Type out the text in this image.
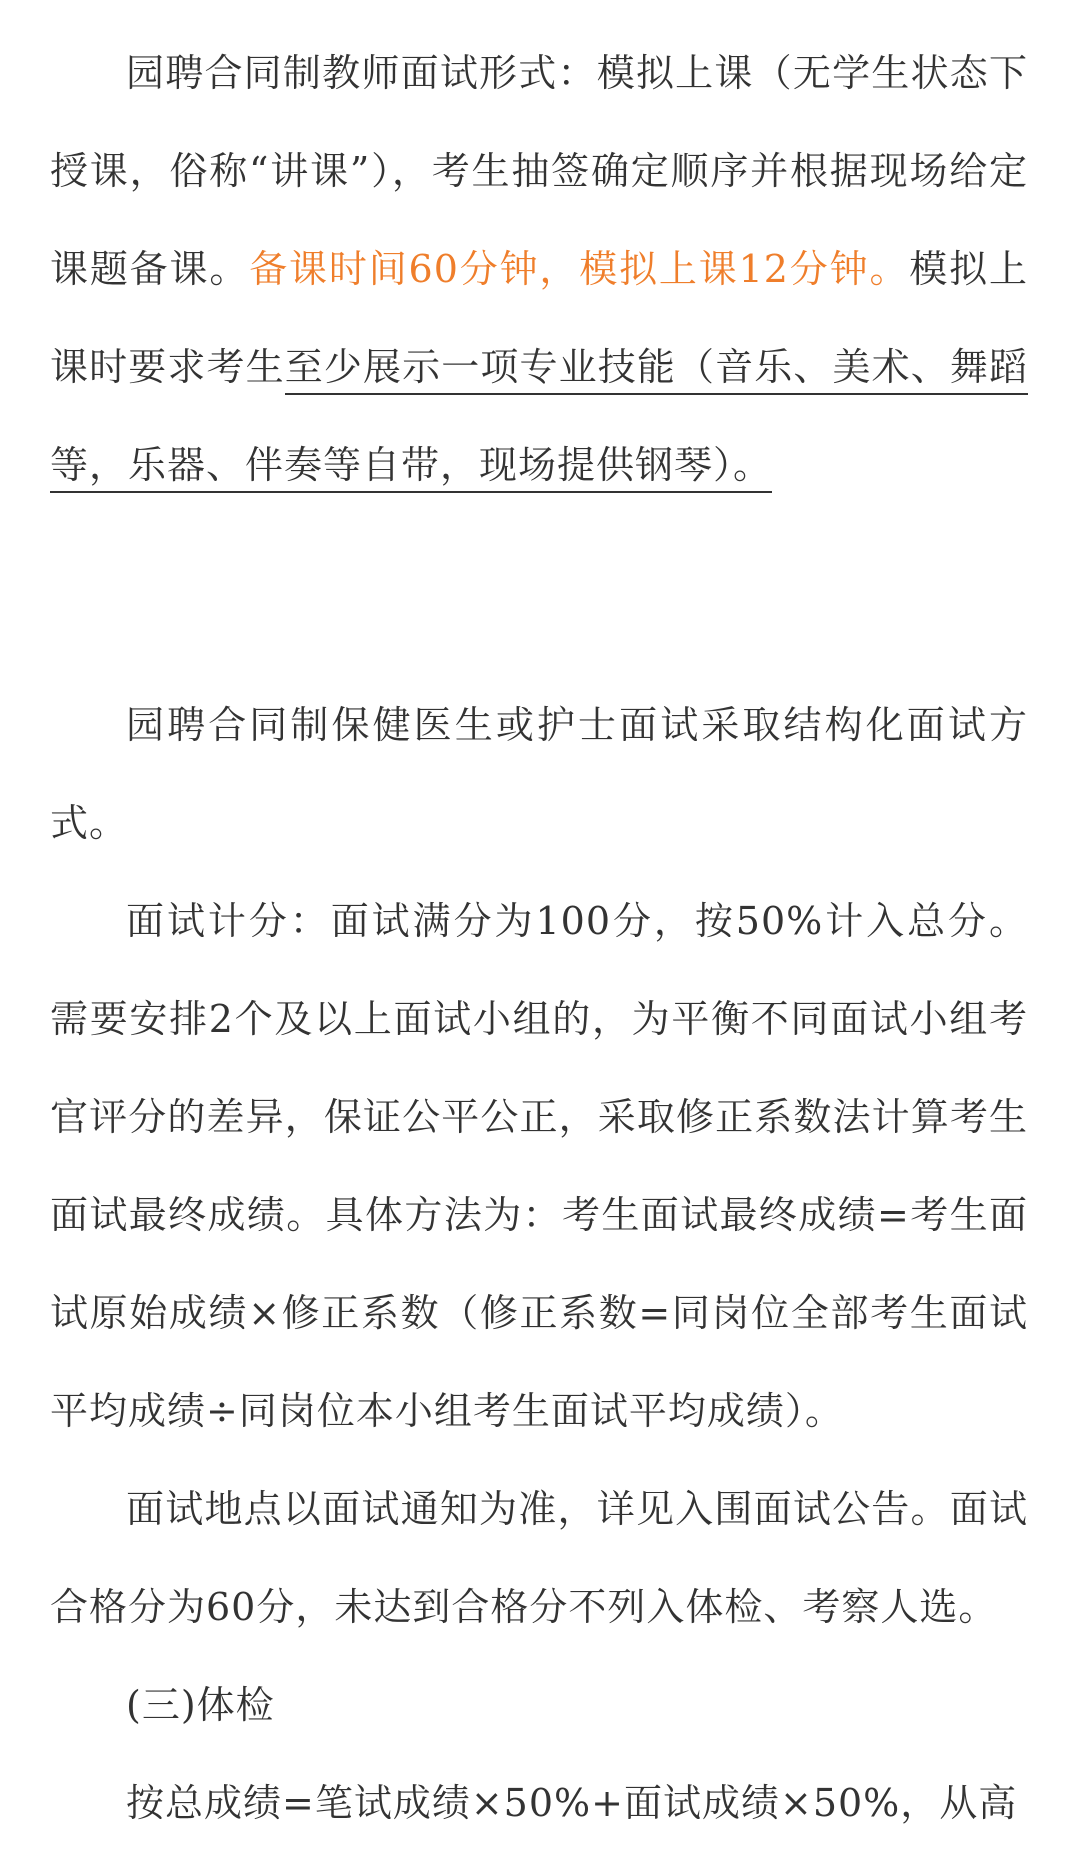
园聘合同制教师面试形式：模拟上课（无学生状态下授课，俗称“讲课”），考生抽签确定顺序并根据现场给定课题备课。备课时间60分钟，模拟上课12分钟。模拟上课时要求考生至少展示一项专业技能（音乐、美术、舞蹈等，乐器、伴奏等自带，现场提供钢琴）。

园聘合同制保健医生或护士面试采取结构化面试方式。

面试计分：面试满分为100分，按50%计入总分。需要安排2个及以上面试小组的，为平衡不同面试小组考官评分的差异，保证公平公正，采取修正系数法计算考生面试最终成绩。具体方法为：考生面试最终成绩=考生面试原始成绩×修正系数（修正系数=同岗位全部考生面试平均成绩÷同岗位本小组考生面试平均成绩）。

面试地点以面试通知为准，详见入围面试公告。面试合格分为60分，未达到合格分不列入体检、考察人选。

(三)体检

按总成绩=笔试成绩×50%+面试成绩×50%，从高
